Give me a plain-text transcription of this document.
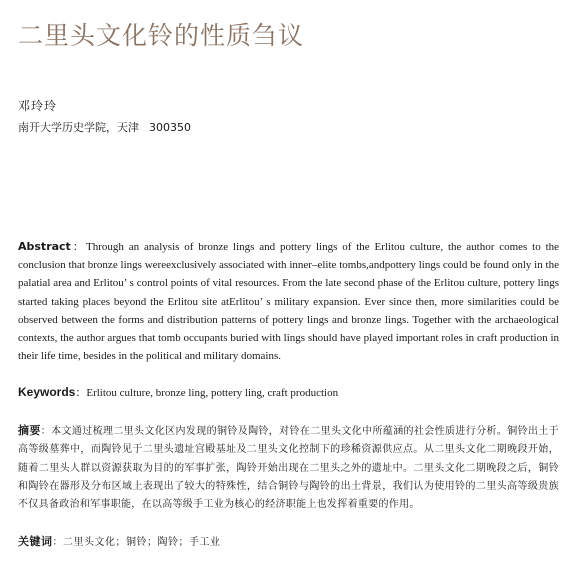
二里头文化铃的性质刍议
邓玲玲
南开大学历史学院，天津 300350
Abstract：Through an analysis of bronze lings and pottery lings of the Erlitou culture, the author comes to the conclusion that bronze lings wereexclusively associated with inner–elite tombs,andpottery lings could be found only in the palatial area and Erlitou’ s control points of vital resources. From the late second phase of the Erlitou culture, pottery lings started taking places beyond the Erlitou site atErlitou’ s military expansion. Ever since then, more similarities could be observed between the forms and distribution patterns of pottery lings and bronze lings. Together with the archaeological contexts, the author argues that tomb occupants buried with lings should have played important roles in craft production in their life time, besides in the political and military domains.
Keywords：Erlitou culture, bronze ling, pottery ling, craft production
摘要：本文通过梳理二里头文化区内发现的铜铃及陶铃，对铃在二里头文化中所蕴涵的社会性质进行分析。铜铃出土于高等级墓葬中，而陶铃见于二里头遗址宫殿基址及二里头文化控制下的珍稀资源供应点。从二里头文化二期晚段开始，随着二里头人群以资源获取为目的的军事扩张，陶铃开始出现在二里头之外的遗址中。二里头文化二期晚段之后，铜铃和陶铃在器形及分布区域上表现出了较大的特殊性，结合铜铃与陶铃的出土背景，我们认为使用铃的二里头高等级贵族不仅具备政治和军事职能，在以高等级手工业为核心的经济职能上也发挥着重要的作用。
关键词：二里头文化；铜铃；陶铃；手工业
